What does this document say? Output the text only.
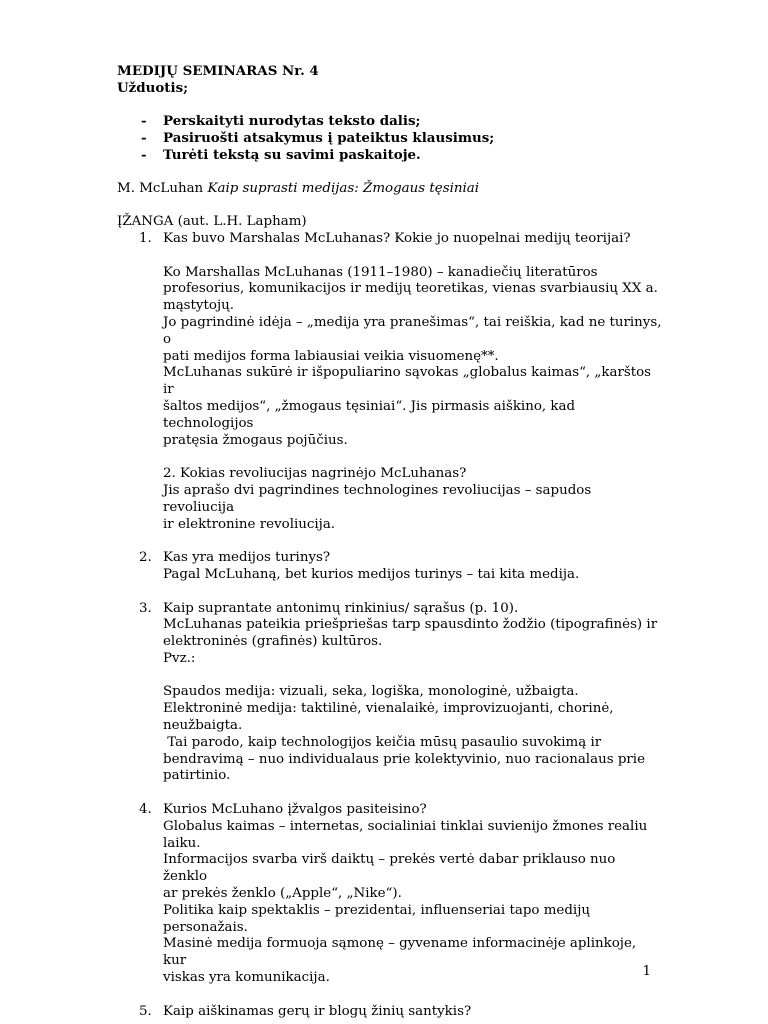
MEDIJŲ SEMINARAS Nr. 4

Užduotis;

- Perskaityti nurodytas teksto dalis;
- Pasiruošti atsakymus į pateiktus klausimus;
- Turėti tekstą su savimi paskaitoje.

M. McLuhan Kaip suprasti medijas: Žmogaus tęsiniai

ĮŽANGA (aut. L.H. Lapham)

1. Kas buvo Marshalas McLuhanas? Kokie jo nuopelnai medijų teorijai?
Ko Marshallas McLuhanas (1911–1980) – kanadiečių literatūros
profesorius, komunikacijos ir medijų teoretikas, vienas svarbiausių XX a.
mąstytojų.
Jo pagrindinė idėja – „medija yra pranešimas“, tai reiškia, kad ne turinys, o
pati medijos forma labiausiai veikia visuomenę**.
McLuhanas sukūrė ir išpopuliarino sąvokas „globalus kaimas“, „karštos ir
šaltos medijos“, „žmogaus tęsiniai“. Jis pirmasis aiškino, kad technologijos
pratęsia žmogaus pojūčius.
2. Kokias revoliucijas nagrinėjo McLuhanas?
Jis aprašo dvi pagrindines technologines revoliucijas – sapudos revoliucija
ir elektronine revoliucija.
2. Kas yra medijos turinys?
Pagal McLuhaną, bet kurios medijos turinys – tai kita medija.
3. Kaip suprantate antonimų rinkinius/ sąrašus (p. 10).
McLuhanas pateikia priešpriešas tarp spausdinto žodžio (tipografinės) ir
elektroninės (grafinės) kultūros.
Pvz.:
Spaudos medija: vizuali, seka, logiška, monologinė, užbaigta.
Elektroninė medija: taktilinė, vienalaikė, improvizuojanti, chorinė,
neužbaigta.
Tai parodo, kaip technologijos keičia mūsų pasaulio suvokimą ir
bendravimą – nuo individualaus prie kolektyvinio, nuo racionalaus prie
patirtinio.
4. Kurios McLuhano įžvalgos pasiteisino?
Globalus kaimas – internetas, socialiniai tinklai suvienijo žmones realiu
laiku.
Informacijos svarba virš daiktų – prekės vertė dabar priklauso nuo ženklo
ar prekės ženklo („Apple“, „Nike“).
Politika kaip spektaklis – prezidentai, influenseriai tapo medijų
personažais.
Masinė medija formuoja sąmonę – gyvename informacinėje aplinkoje, kur
viskas yra komunikacija.
5. Kaip aiškinamas gerų ir blogų žinių santykis?
1
